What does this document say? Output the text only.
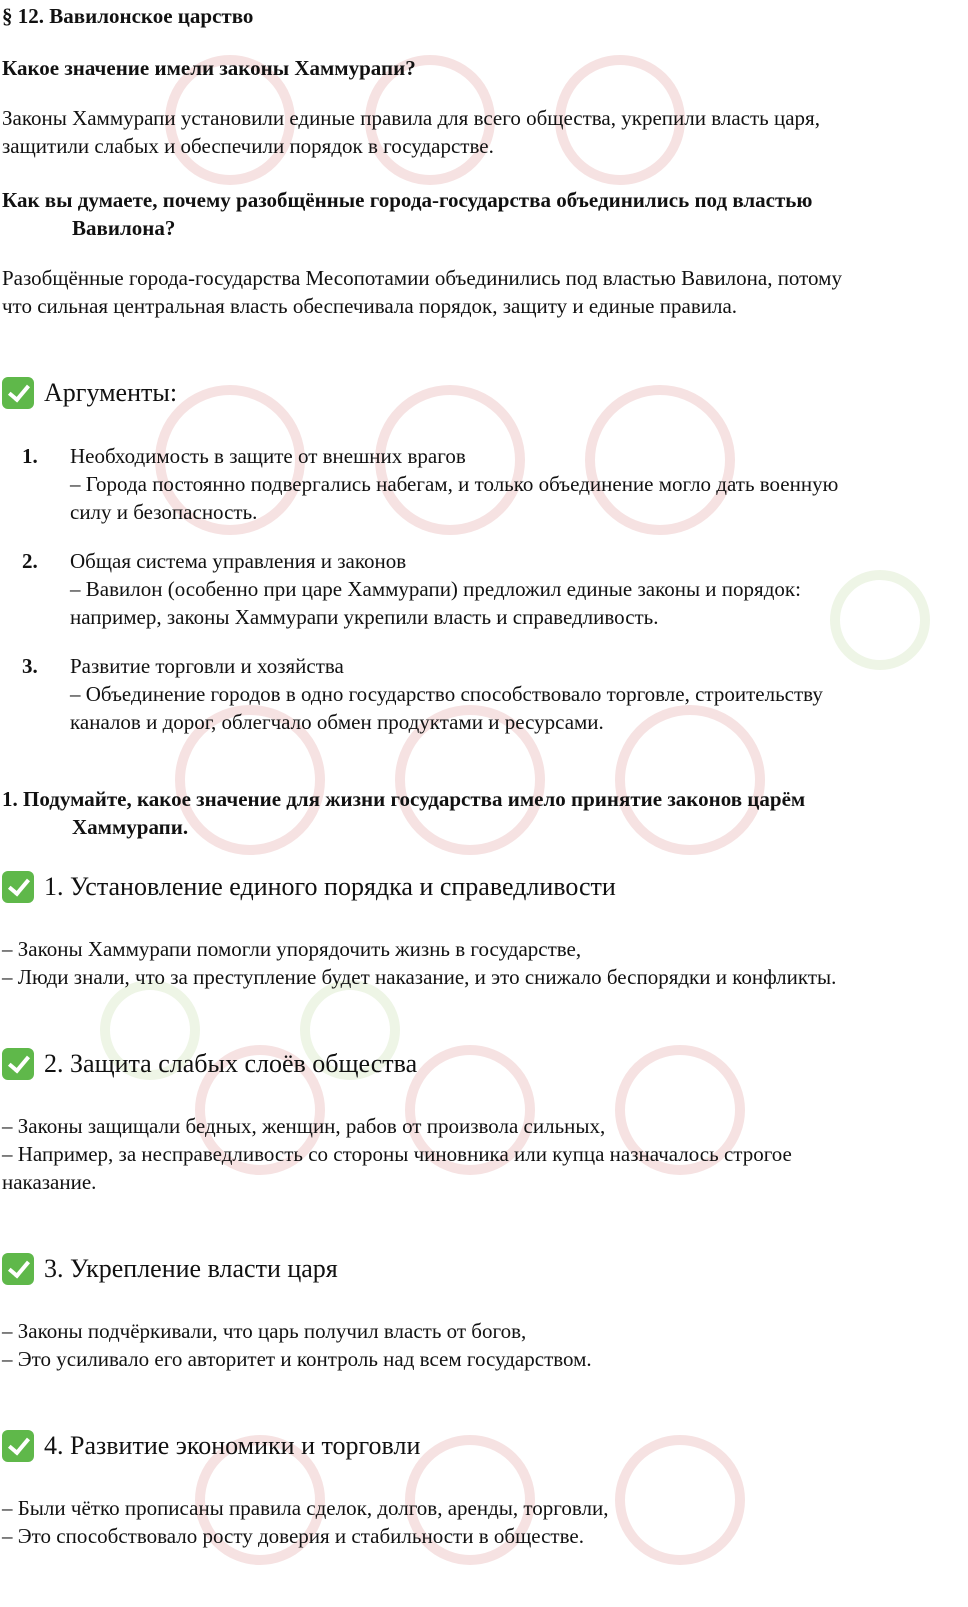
§ 12. Вавилонское царство
Какое значение имели законы Хаммурапи?
Законы Хаммурапи установили единые правила для всего общества, укрепили власть царя,
защитили слабых и обеспечили порядок в государстве.
Как вы думаете, почему разобщённые города-государства объединились под властью
Вавилона?
Разобщённые города-государства Месопотамии объединились под властью Вавилона, потому
что сильная центральная власть обеспечивала порядок, защиту и единые правила.
Аргументы:
1.	Необходимость в защите от внешних врагов
– Города постоянно подвергались набегам, и только объединение могло дать военную
силу и безопасность.
2.	Общая система управления и законов
– Вавилон (особенно при царе Хаммурапи) предложил единые законы и порядок:
например, законы Хаммурапи укрепили власть и справедливость.
3.	Развитие торговли и хозяйства
– Объединение городов в одно государство способствовало торговле, строительству
каналов и дорог, облегчало обмен продуктами и ресурсами.
1. Подумайте, какое значение для жизни государства имело принятие законов царём
Хаммурапи.
1. Установление единого порядка и справедливости
– Законы Хаммурапи помогли упорядочить жизнь в государстве,
– Люди знали, что за преступление будет наказание, и это снижало беспорядки и конфликты.
2. Защита слабых слоёв общества
– Законы защищали бедных, женщин, рабов от произвола сильных,
– Например, за несправедливость со стороны чиновника или купца назначалось строгое
наказание.
3. Укрепление власти царя
– Законы подчёркивали, что царь получил власть от богов,
– Это усиливало его авторитет и контроль над всем государством.
4. Развитие экономики и торговли
– Были чётко прописаны правила сделок, долгов, аренды, торговли,
– Это способствовало росту доверия и стабильности в обществе.
